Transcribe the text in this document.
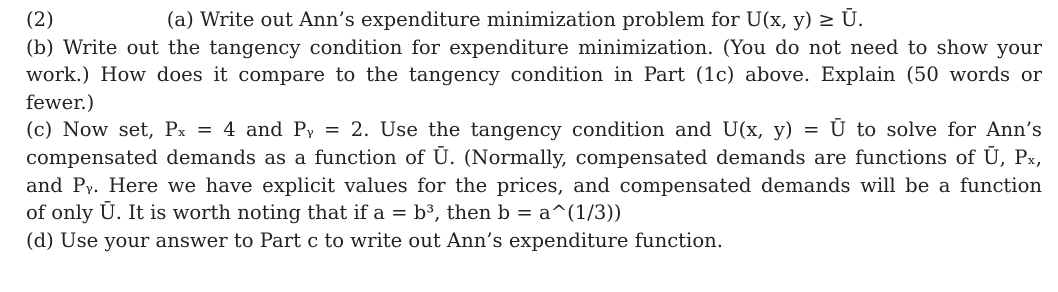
(2)	(a) Write out Ann’s expenditure minimization problem for U(x, y) ≥ Ū.
(b) Write out the tangency condition for expenditure minimization. (You do not need to show your
work.) How does it compare to the tangency condition in Part (1c) above. Explain (50 words or
fewer.)
(c) Now set, Pₓ = 4 and Pᵧ = 2. Use the tangency condition and U(x, y) = Ū to solve for Ann’s
compensated demands as a function of Ū. (Normally, compensated demands are functions of Ū, Pₓ,
and Pᵧ. Here we have explicit values for the prices, and compensated demands will be a function
of only Ū. It is worth noting that if a = b³, then b = a^(1/3))
(d) Use your answer to Part c to write out Ann’s expenditure function.
